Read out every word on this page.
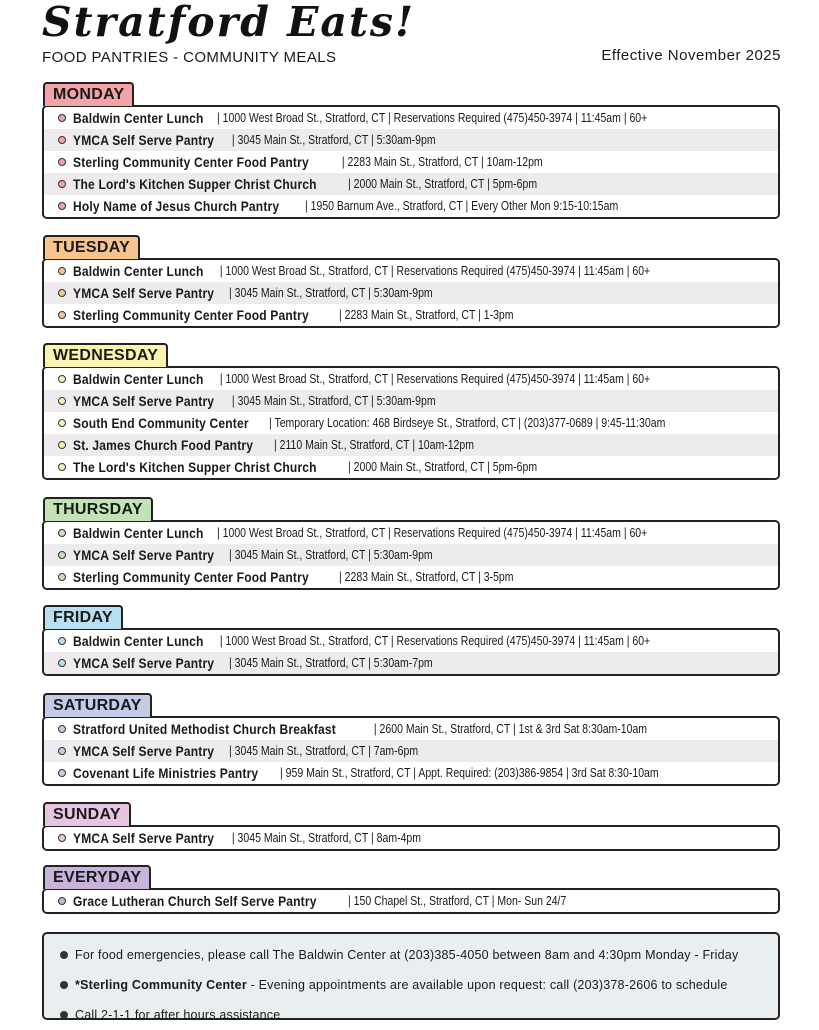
Stratford Eats!
FOOD PANTRIES - COMMUNITY MEALS	Effective November 2025
MONDAY
Baldwin Center Lunch | 1000 West Broad St., Stratford, CT | Reservations Required (475)450-3974 | 11:45am | 60+
YMCA Self Serve Pantry | 3045 Main St., Stratford, CT | 5:30am-9pm
Sterling Community Center Food Pantry | 2283 Main St., Stratford, CT | 10am-12pm
The Lord's Kitchen Supper Christ Church	| 2000 Main St., Stratford, CT | 5pm-6pm
Holy Name of Jesus Church Pantry | 1950 Barnum Ave., Stratford, CT | Every Other Mon 9:15-10:15am
TUESDAY
Baldwin Center Lunch | 1000 West Broad St., Stratford, CT | Reservations Required (475)450-3974 | 11:45am | 60+
YMCA Self Serve Pantry | 3045 Main St., Stratford, CT | 5:30am-9pm
Sterling Community Center Food Pantry | 2283 Main St., Stratford, CT | 1-3pm
WEDNESDAY
Baldwin Center Lunch | 1000 West Broad St., Stratford, CT | Reservations Required (475)450-3974 | 11:45am | 60+
YMCA Self Serve Pantry | 3045 Main St., Stratford, CT | 5:30am-9pm
South End Community Center | Temporary Location: 468 Birdseye St., Stratford, CT | (203)377-0689 | 9:45-11:30am
St. James Church Food Pantry | 2110 Main St., Stratford, CT | 10am-12pm
The Lord's Kitchen Supper Christ Church	| 2000 Main St., Stratford, CT | 5pm-6pm
THURSDAY
Baldwin Center Lunch | 1000 West Broad St., Stratford, CT | Reservations Required (475)450-3974 | 11:45am | 60+
YMCA Self Serve Pantry | 3045 Main St., Stratford, CT | 5:30am-9pm
Sterling Community Center Food Pantry | 2283 Main St., Stratford, CT | 3-5pm
FRIDAY
Baldwin Center Lunch | 1000 West Broad St., Stratford, CT | Reservations Required (475)450-3974 | 11:45am | 60+
YMCA Self Serve Pantry | 3045 Main St., Stratford, CT | 5:30am-7pm
SATURDAY
Stratford United Methodist Church Breakfast	| 2600 Main St., Stratford, CT | 1st & 3rd Sat 8:30am-10am
YMCA Self Serve Pantry | 3045 Main St., Stratford, CT | 7am-6pm
Covenant Life Ministries Pantry | 959 Main St., Stratford, CT | Appt. Required: (203)386-9854 | 3rd Sat 8:30-10am
SUNDAY
YMCA Self Serve Pantry | 3045 Main St., Stratford, CT | 8am-4pm
EVERYDAY
Grace Lutheran Church Self Serve Pantry	| 150 Chapel St., Stratford, CT | Mon- Sun 24/7
For food emergencies, please call The Baldwin Center at (203)385-4050 between 8am and 4:30pm Monday - Friday
*Sterling Community Center - Evening appointments are available upon request: call (203)378-2606 to schedule
Call 2-1-1 for after hours assistance
